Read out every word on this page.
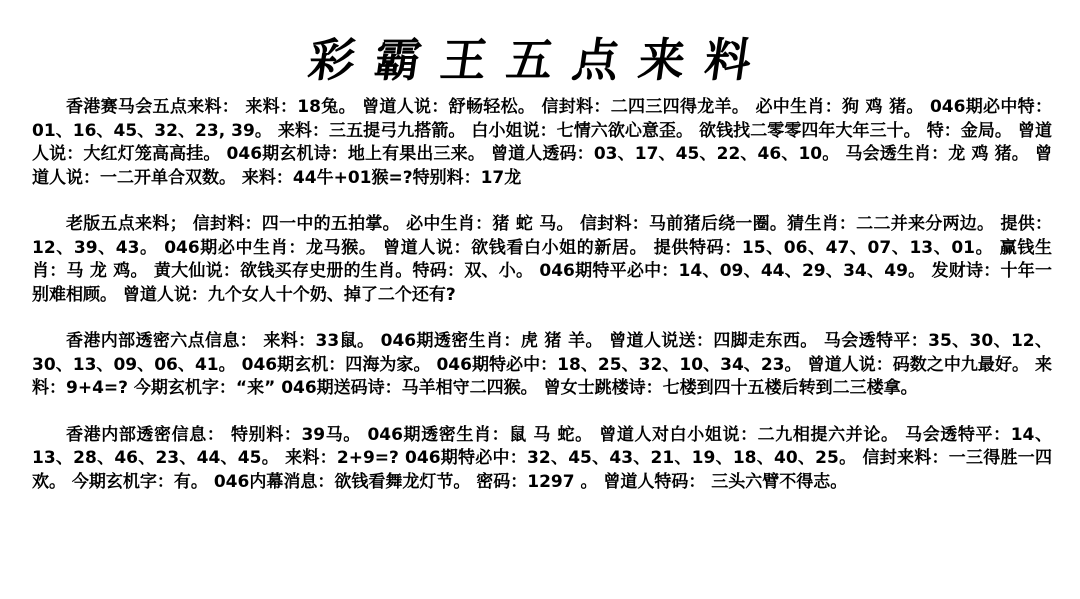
彩霸王五点来料

香港赛马会五点来料： 来料：18兔。 曾道人说：舒畅轻松。 信封料：二四三四得龙羊。 必中生肖：狗 鸡 猪。 046期必中特：01、16、45、32、23, 39。 来料：三五提弓九搭箭。 白小姐说：七情六欲心意歪。 欲钱找二零零四年大年三十。 特：金局。 曾道人说：大红灯笼高高挂。 046期玄机诗：地上有果出三来。 曾道人透码：03、17、45、22、46、10。 马会透生肖：龙 鸡 猪。 曾道人说：一二开单合双数。 来料：44牛+01猴=?特别料：17龙

老版五点来料； 信封料：四一中的五拍掌。 必中生肖：猪 蛇 马。 信封料：马前猪后绕一圈。猜生肖：二二并来分两边。 提供：12、39、43。 046期必中生肖：龙马猴。 曾道人说：欲钱看白小姐的新居。 提供特码：15、06、47、07、13、01。 赢钱生肖：马 龙 鸡。 黄大仙说：欲钱买存史册的生肖。特码：双、小。 046期特平必中：14、09、44、29、34、49。 发财诗：十年一别难相顾。 曾道人说：九个女人十个奶、掉了二个还有?

香港内部透密六点信息： 来料：33鼠。 046期透密生肖：虎 猪 羊。 曾道人说送：四脚走东西。 马会透特平：35、30、12、30、13、09、06、41。 046期玄机：四海为家。 046期特必中：18、25、32、10、34、23。 曾道人说：码数之中九最好。 来料：9+4=? 今期玄机字：“来” 046期送码诗：马羊相守二四猴。 曾女士跳楼诗：七楼到四十五楼后转到二三楼拿。

香港内部透密信息： 特别料：39马。 046期透密生肖：鼠 马 蛇。 曾道人对白小姐说：二九相提六并论。 马会透特平：14、13、28、46、23、44、45。 来料：2+9=? 046期特必中：32、45、43、21、19、18、40、25。 信封来料：一三得胜一四欢。 今期玄机字：有。 046内幕消息：欲钱看舞龙灯节。 密码：1297 。 曾道人特码： 三头六臂不得志。
